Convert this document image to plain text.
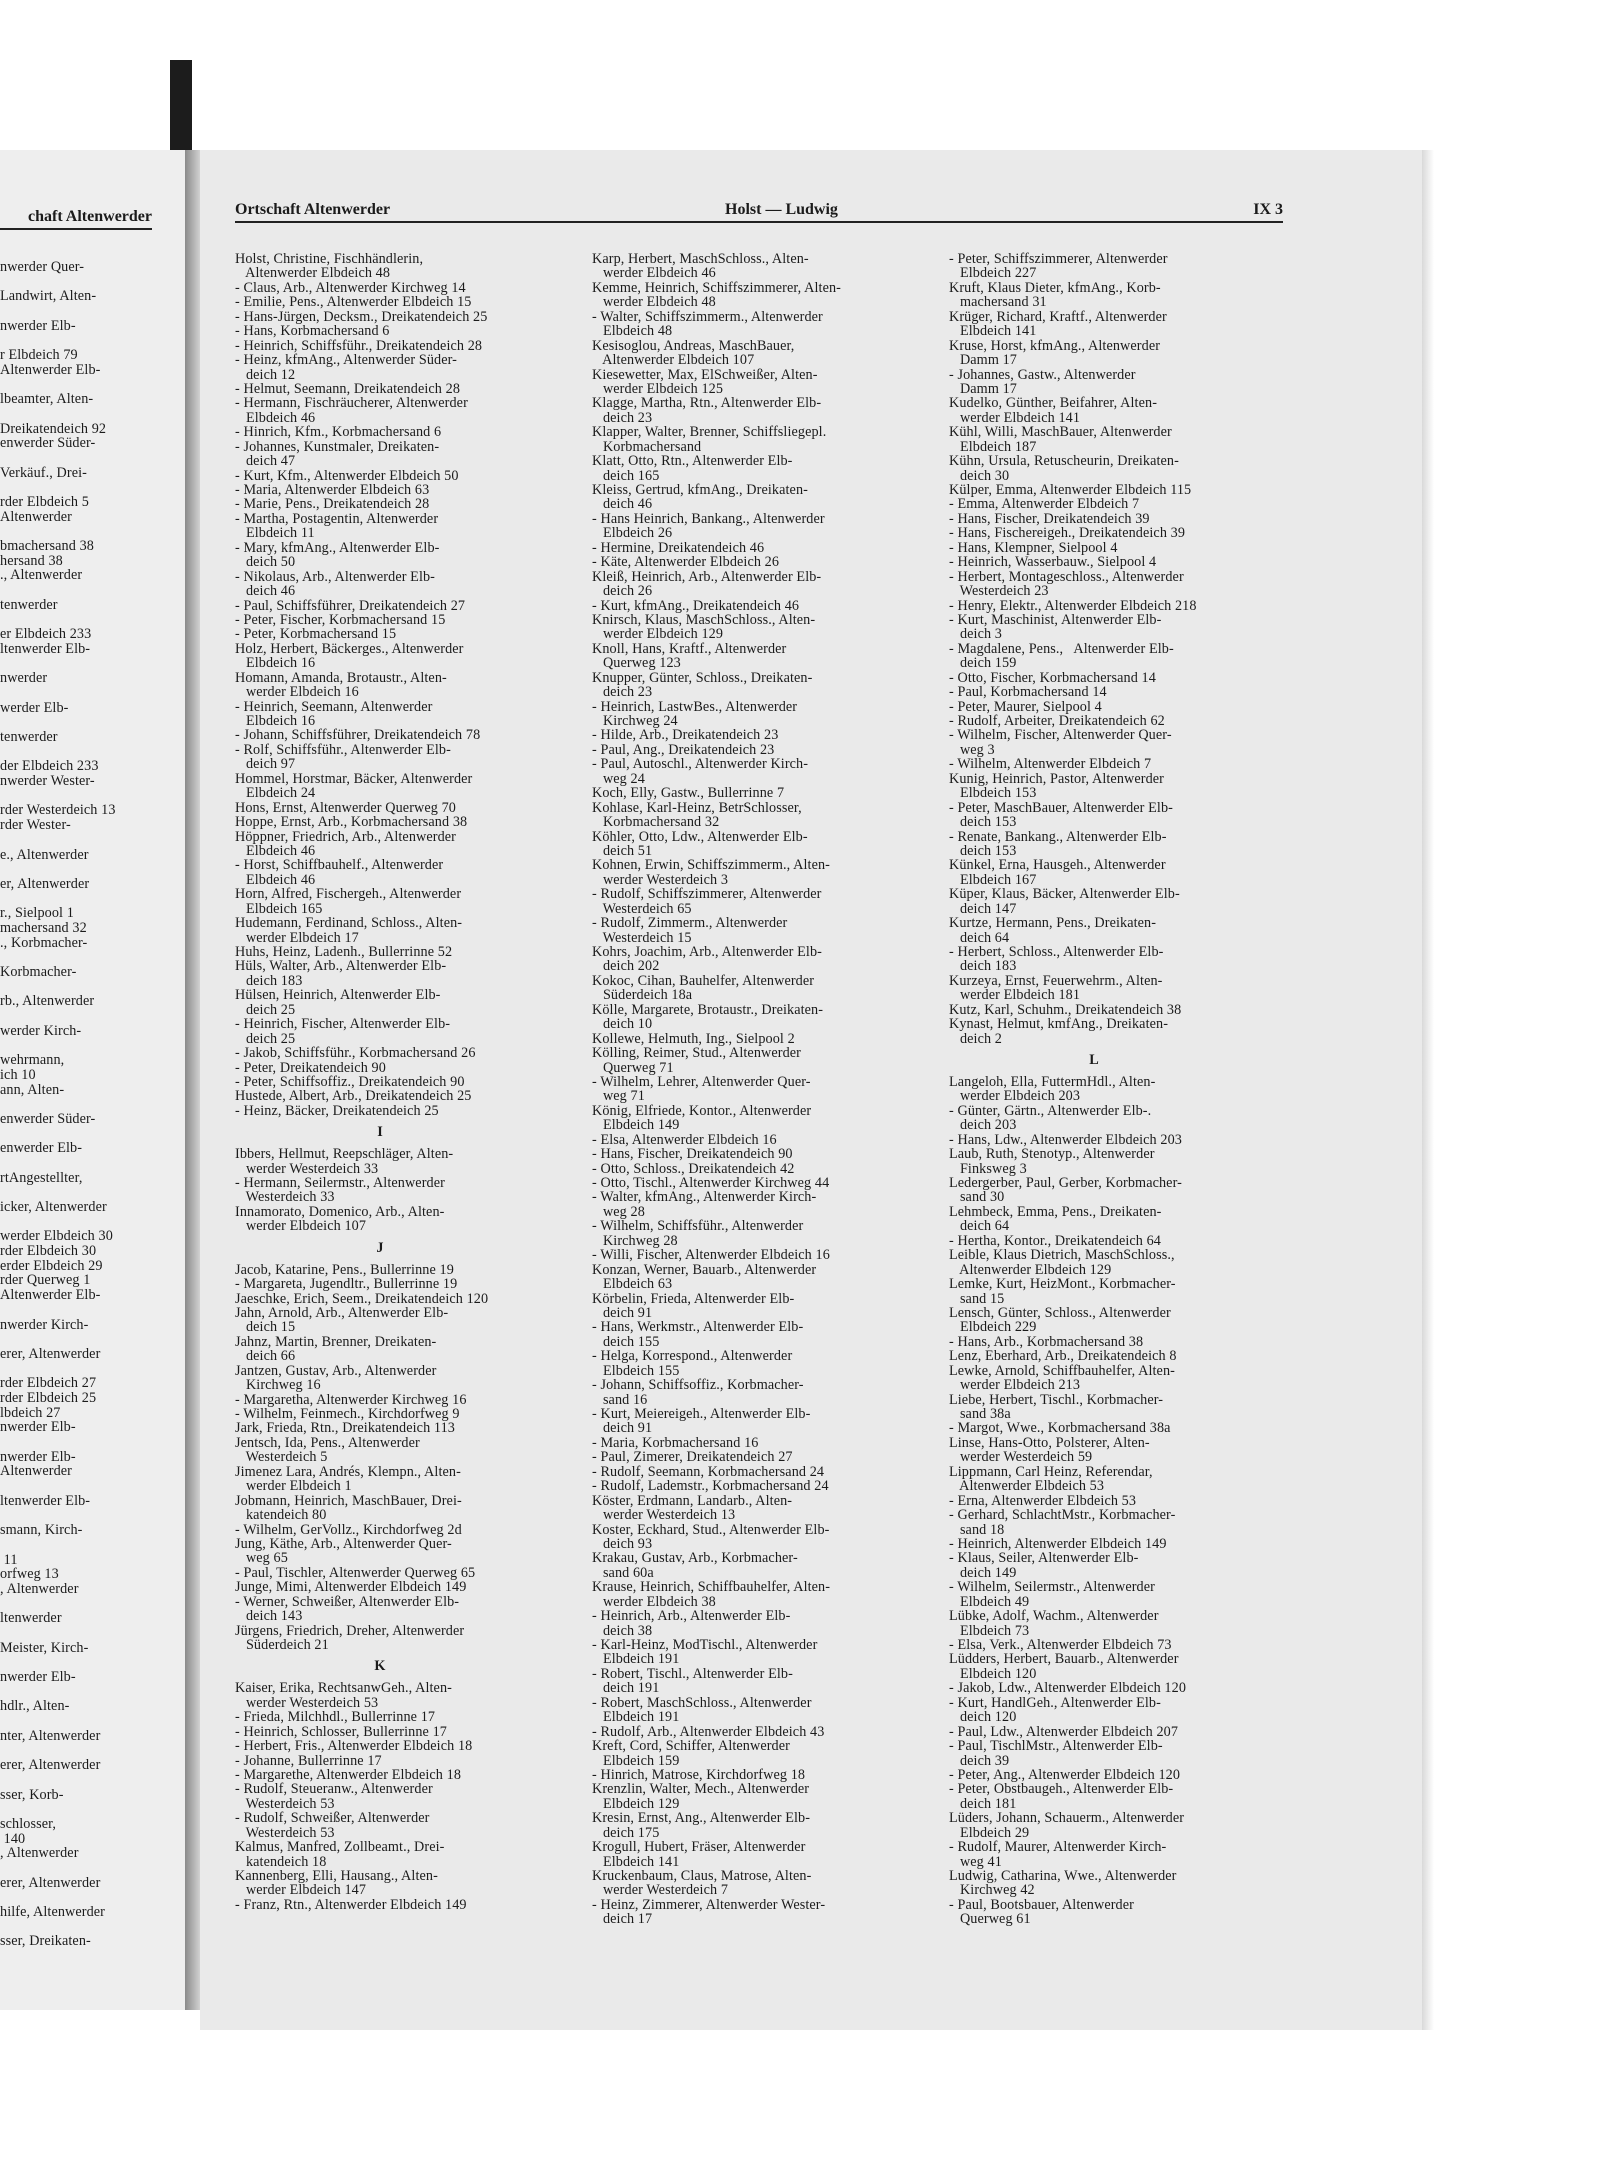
chaft Altenwerder
nwerder Quer-
Landwirt, Alten-
nwerder Elb-
r Elbdeich 79
Altenwerder Elb-
lbeamter, Alten-
Dreikatendeich 92
enwerder Süder-
Verkäuf., Drei-
rder Elbdeich 5
Altenwerder
bmachersand 38
hersand 38
., Altenwerder
tenwerder
er Elbdeich 233
ltenwerder Elb-
nwerder
werder Elb-
tenwerder
der Elbdeich 233
nwerder Wester-
rder Westerdeich 13
rder Wester-
e., Altenwerder
er, Altenwerder
r., Sielpool 1
machersand 32
., Korbmacher-
Korbmacher-
rb., Altenwerder
werder Kirch-
wehrmann,
ich 10
ann, Alten-
enwerder Süder-
enwerder Elb-
rtAngestellter,
icker, Altenwerder
werder Elbdeich 30
rder Elbdeich 30
erder Elbdeich 29
rder Querweg 1
Altenwerder Elb-
nwerder Kirch-
erer, Altenwerder
rder Elbdeich 27
rder Elbdeich 25
lbdeich 27
nwerder Elb-
nwerder Elb-
Altenwerder
ltenwerder Elb-
smann, Kirch-
11
orfweg 13
, Altenwerder
ltenwerder
Meister, Kirch-
nwerder Elb-
hdlr., Alten-
nter, Altenwerder
erer, Altenwerder
sser, Korb-
schlosser,
140
, Altenwerder
erer, Altenwerder
hilfe, Altenwerder
sser, Dreikaten-
Ortschaft Altenwerder	Holst — Ludwig	IX 3
Holst, Christine, Fischhändlerin,
Altenwerder Elbdeich 48
- Claus, Arb., Altenwerder Kirchweg 14
- Emilie, Pens., Altenwerder Elbdeich 15
- Hans-Jürgen, Decksm., Dreikatendeich 25
- Hans, Korbmachersand 6
- Heinrich, Schiffsführ., Dreikatendeich 28
- Heinz, kfmAng., Altenwerder Süder-
deich 12
- Helmut, Seemann, Dreikatendeich 28
- Hermann, Fischräucherer, Altenwerder
Elbdeich 46
- Hinrich, Kfm., Korbmachersand 6
- Johannes, Kunstmaler, Dreikaten-
deich 47
- Kurt, Kfm., Altenwerder Elbdeich 50
- Maria, Altenwerder Elbdeich 63
- Marie, Pens., Dreikatendeich 28
- Martha, Postagentin, Altenwerder
Elbdeich 11
- Mary, kfmAng., Altenwerder Elb-
deich 50
- Nikolaus, Arb., Altenwerder Elb-
deich 46
- Paul, Schiffsführer, Dreikatendeich 27
- Peter, Fischer, Korbmachersand 15
- Peter, Korbmachersand 15
Holz, Herbert, Bäckerges., Altenwerder
Elbdeich 16
Homann, Amanda, Brotaustr., Alten-
werder Elbdeich 16
- Heinrich, Seemann, Altenwerder
Elbdeich 16
- Johann, Schiffsführer, Dreikatendeich 78
- Rolf, Schiffsführ., Altenwerder Elb-
deich 97
Hommel, Horstmar, Bäcker, Altenwerder
Elbdeich 24
Hons, Ernst, Altenwerder Querweg 70
Hoppe, Ernst, Arb., Korbmachersand 38
Höppner, Friedrich, Arb., Altenwerder
Elbdeich 46
- Horst, Schiffbauhelf., Altenwerder
Elbdeich 46
Horn, Alfred, Fischergeh., Altenwerder
Elbdeich 165
Hudemann, Ferdinand, Schloss., Alten-
werder Elbdeich 17
Huhs, Heinz, Ladenh., Bullerrinne 52
Hüls, Walter, Arb., Altenwerder Elb-
deich 183
Hülsen, Heinrich, Altenwerder Elb-
deich 25
- Heinrich, Fischer, Altenwerder Elb-
deich 25
- Jakob, Schiffsführ., Korbmachersand 26
- Peter, Dreikatendeich 90
- Peter, Schiffsoffiz., Dreikatendeich 90
Hustede, Albert, Arb., Dreikatendeich 25
- Heinz, Bäcker, Dreikatendeich 25
I
Ibbers, Hellmut, Reepschläger, Alten-
werder Westerdeich 33
- Hermann, Seilermstr., Altenwerder
Westerdeich 33
Innamorato, Domenico, Arb., Alten-
werder Elbdeich 107
J
Jacob, Katarine, Pens., Bullerrinne 19
- Margareta, Jugendltr., Bullerrinne 19
Jaeschke, Erich, Seem., Dreikatendeich 120
Jahn, Arnold, Arb., Altenwerder Elb-
deich 15
Jahnz, Martin, Brenner, Dreikaten-
deich 66
Jantzen, Gustav, Arb., Altenwerder
Kirchweg 16
- Margaretha, Altenwerder Kirchweg 16
- Wilhelm, Feinmech., Kirchdorfweg 9
Jark, Frieda, Rtn., Dreikatendeich 113
Jentsch, Ida, Pens., Altenwerder
Westerdeich 5
Jimenez Lara, Andrés, Klempn., Alten-
werder Elbdeich 1
Jobmann, Heinrich, MaschBauer, Drei-
katendeich 80
- Wilhelm, GerVollz., Kirchdorfweg 2d
Jung, Käthe, Arb., Altenwerder Quer-
weg 65
- Paul, Tischler, Altenwerder Querweg 65
Junge, Mimi, Altenwerder Elbdeich 149
- Werner, Schweißer, Altenwerder Elb-
deich 143
Jürgens, Friedrich, Dreher, Altenwerder
Süderdeich 21
K
Kaiser, Erika, RechtsanwGeh., Alten-
werder Westerdeich 53
- Frieda, Milchhdl., Bullerrinne 17
- Heinrich, Schlosser, Bullerrinne 17
- Herbert, Fris., Altenwerder Elbdeich 18
- Johanne, Bullerrinne 17
- Margarethe, Altenwerder Elbdeich 18
- Rudolf, Steueranw., Altenwerder
Westerdeich 53
- Rudolf, Schweißer, Altenwerder
Westerdeich 53
Kalmus, Manfred, Zollbeamt., Drei-
katendeich 18
Kannenberg, Elli, Hausang., Alten-
werder Elbdeich 147
- Franz, Rtn., Altenwerder Elbdeich 149
Karp, Herbert, MaschSchloss., Alten-
werder Elbdeich 46
Kemme, Heinrich, Schiffszimmerer, Alten-
werder Elbdeich 48
- Walter, Schiffszimmerm., Altenwerder
Elbdeich 48
Kesisoglou, Andreas, MaschBauer,
Altenwerder Elbdeich 107
Kiesewetter, Max, ElSchweißer, Alten-
werder Elbdeich 125
Klagge, Martha, Rtn., Altenwerder Elb-
deich 23
Klapper, Walter, Brenner, Schiffsliegepl.
Korbmachersand
Klatt, Otto, Rtn., Altenwerder Elb-
deich 165
Kleiss, Gertrud, kfmAng., Dreikaten-
deich 46
- Hans Heinrich, Bankang., Altenwerder
Elbdeich 26
- Hermine, Dreikatendeich 46
- Käte, Altenwerder Elbdeich 26
Kleiß, Heinrich, Arb., Altenwerder Elb-
deich 26
- Kurt, kfmAng., Dreikatendeich 46
Knirsch, Klaus, MaschSchloss., Alten-
werder Elbdeich 129
Knoll, Hans, Kraftf., Altenwerder
Querweg 123
Knupper, Günter, Schloss., Dreikaten-
deich 23
- Heinrich, LastwBes., Altenwerder
Kirchweg 24
- Hilde, Arb., Dreikatendeich 23
- Paul, Ang., Dreikatendeich 23
- Paul, Autoschl., Altenwerder Kirch-
weg 24
Koch, Elly, Gastw., Bullerrinne 7
Kohlase, Karl-Heinz, BetrSchlosser,
Korbmachersand 32
Köhler, Otto, Ldw., Altenwerder Elb-
deich 51
Kohnen, Erwin, Schiffszimmerm., Alten-
werder Westerdeich 3
- Rudolf, Schiffszimmerer, Altenwerder
Westerdeich 65
- Rudolf, Zimmerm., Altenwerder
Westerdeich 15
Kohrs, Joachim, Arb., Altenwerder Elb-
deich 202
Kokoc, Cihan, Bauhelfer, Altenwerder
Süderdeich 18a
Kölle, Margarete, Brotaustr., Dreikaten-
deich 10
Kollewe, Helmuth, Ing., Sielpool 2
Kölling, Reimer, Stud., Altenwerder
Querweg 71
- Wilhelm, Lehrer, Altenwerder Quer-
weg 71
König, Elfriede, Kontor., Altenwerder
Elbdeich 149
- Elsa, Altenwerder Elbdeich 16
- Hans, Fischer, Dreikatendeich 90
- Otto, Schloss., Dreikatendeich 42
- Otto, Tischl., Altenwerder Kirchweg 44
- Walter, kfmAng., Altenwerder Kirch-
weg 28
- Wilhelm, Schiffsführ., Altenwerder
Kirchweg 28
- Willi, Fischer, Altenwerder Elbdeich 16
Konzan, Werner, Bauarb., Altenwerder
Elbdeich 63
Körbelin, Frieda, Altenwerder Elb-
deich 91
- Hans, Werkmstr., Altenwerder Elb-
deich 155
- Helga, Korrespond., Altenwerder
Elbdeich 155
- Johann, Schiffsoffiz., Korbmacher-
sand 16
- Kurt, Meiereigeh., Altenwerder Elb-
deich 91
- Maria, Korbmachersand 16
- Paul, Zimerer, Dreikatendeich 27
- Rudolf, Seemann, Korbmachersand 24
- Rudolf, Lademstr., Korbmachersand 24
Köster, Erdmann, Landarb., Alten-
werder Westerdeich 13
Koster, Eckhard, Stud., Altenwerder Elb-
deich 93
Krakau, Gustav, Arb., Korbmacher-
sand 60a
Krause, Heinrich, Schiffbauhelfer, Alten-
werder Elbdeich 38
- Heinrich, Arb., Altenwerder Elb-
deich 38
- Karl-Heinz, ModTischl., Altenwerder
Elbdeich 191
- Robert, Tischl., Altenwerder Elb-
deich 191
- Robert, MaschSchloss., Altenwerder
Elbdeich 191
- Rudolf, Arb., Altenwerder Elbdeich 43
Kreft, Cord, Schiffer, Altenwerder
Elbdeich 159
- Hinrich, Matrose, Kirchdorfweg 18
Krenzlin, Walter, Mech., Altenwerder
Elbdeich 129
Kresin, Ernst, Ang., Altenwerder Elb-
deich 175
Krogull, Hubert, Fräser, Altenwerder
Elbdeich 141
Kruckenbaum, Claus, Matrose, Alten-
werder Westerdeich 7
- Heinz, Zimmerer, Altenwerder Wester-
deich 17
- Peter, Schiffszimmerer, Altenwerder
Elbdeich 227
Kruft, Klaus Dieter, kfmAng., Korb-
machersand 31
Krüger, Richard, Kraftf., Altenwerder
Elbdeich 141
Kruse, Horst, kfmAng., Altenwerder
Damm 17
- Johannes, Gastw., Altenwerder
Damm 17
Kudelko, Günther, Beifahrer, Alten-
werder Elbdeich 141
Kühl, Willi, MaschBauer, Altenwerder
Elbdeich 187
Kühn, Ursula, Retuscheurin, Dreikaten-
deich 30
Külper, Emma, Altenwerder Elbdeich 115
- Emma, Altenwerder Elbdeich 7
- Hans, Fischer, Dreikatendeich 39
- Hans, Fischereigeh., Dreikatendeich 39
- Hans, Klempner, Sielpool 4
- Heinrich, Wasserbauw., Sielpool 4
- Herbert, Montageschloss., Altenwerder
Westerdeich 23
- Henry, Elektr., Altenwerder Elbdeich 218
- Kurt, Maschinist, Altenwerder Elb-
deich 3
- Magdalene, Pens.,   Altenwerder Elb-
deich 159
- Otto, Fischer, Korbmachersand 14
- Paul, Korbmachersand 14
- Peter, Maurer, Sielpool 4
- Rudolf, Arbeiter, Dreikatendeich 62
- Wilhelm, Fischer, Altenwerder Quer-
weg 3
- Wilhelm, Altenwerder Elbdeich 7
Kunig, Heinrich, Pastor, Altenwerder
Elbdeich 153
- Peter, MaschBauer, Altenwerder Elb-
deich 153
- Renate, Bankang., Altenwerder Elb-
deich 153
Künkel, Erna, Hausgeh., Altenwerder
Elbdeich 167
Küper, Klaus, Bäcker, Altenwerder Elb-
deich 147
Kurtze, Hermann, Pens., Dreikaten-
deich 64
- Herbert, Schloss., Altenwerder Elb-
deich 183
Kurzeya, Ernst, Feuerwehrm., Alten-
werder Elbdeich 181
Kutz, Karl, Schuhm., Dreikatendeich 38
Kynast, Helmut, kmfAng., Dreikaten-
deich 2
L
Langeloh, Ella, FuttermHdl., Alten-
werder Elbdeich 203
- Günter, Gärtn., Altenwerder Elb-.
deich 203
- Hans, Ldw., Altenwerder Elbdeich 203
Laub, Ruth, Stenotyp., Altenwerder
Finksweg 3
Ledergerber, Paul, Gerber, Korbmacher-
sand 30
Lehmbeck, Emma, Pens., Dreikaten-
deich 64
- Hertha, Kontor., Dreikatendeich 64
Leible, Klaus Dietrich, MaschSchloss.,
Altenwerder Elbdeich 129
Lemke, Kurt, HeizMont., Korbmacher-
sand 15
Lensch, Günter, Schloss., Altenwerder
Elbdeich 229
- Hans, Arb., Korbmachersand 38
Lenz, Eberhard, Arb., Dreikatendeich 8
Lewke, Arnold, Schiffbauhelfer, Alten-
werder Elbdeich 213
Liebe, Herbert, Tischl., Korbmacher-
sand 38a
- Margot, Wwe., Korbmachersand 38a
Linse, Hans-Otto, Polsterer, Alten-
werder Westerdeich 59
Lippmann, Carl Heinz, Referendar,
Altenwerder Elbdeich 53
- Erna, Altenwerder Elbdeich 53
- Gerhard, SchlachtMstr., Korbmacher-
sand 18
- Heinrich, Altenwerder Elbdeich 149
- Klaus, Seiler, Altenwerder Elb-
deich 149
- Wilhelm, Seilermstr., Altenwerder
Elbdeich 49
Lübke, Adolf, Wachm., Altenwerder
Elbdeich 73
- Elsa, Verk., Altenwerder Elbdeich 73
Lüdders, Herbert, Bauarb., Altenwerder
Elbdeich 120
- Jakob, Ldw., Altenwerder Elbdeich 120
- Kurt, HandlGeh., Altenwerder Elb-
deich 120
- Paul, Ldw., Altenwerder Elbdeich 207
- Paul, TischlMstr., Altenwerder Elb-
deich 39
- Peter, Ang., Altenwerder Elbdeich 120
- Peter, Obstbaugeh., Altenwerder Elb-
deich 181
Lüders, Johann, Schauerm., Altenwerder
Elbdeich 29
- Rudolf, Maurer, Altenwerder Kirch-
weg 41
Ludwig, Catharina, Wwe., Altenwerder
Kirchweg 42
- Paul, Bootsbauer, Altenwerder
Querweg 61
